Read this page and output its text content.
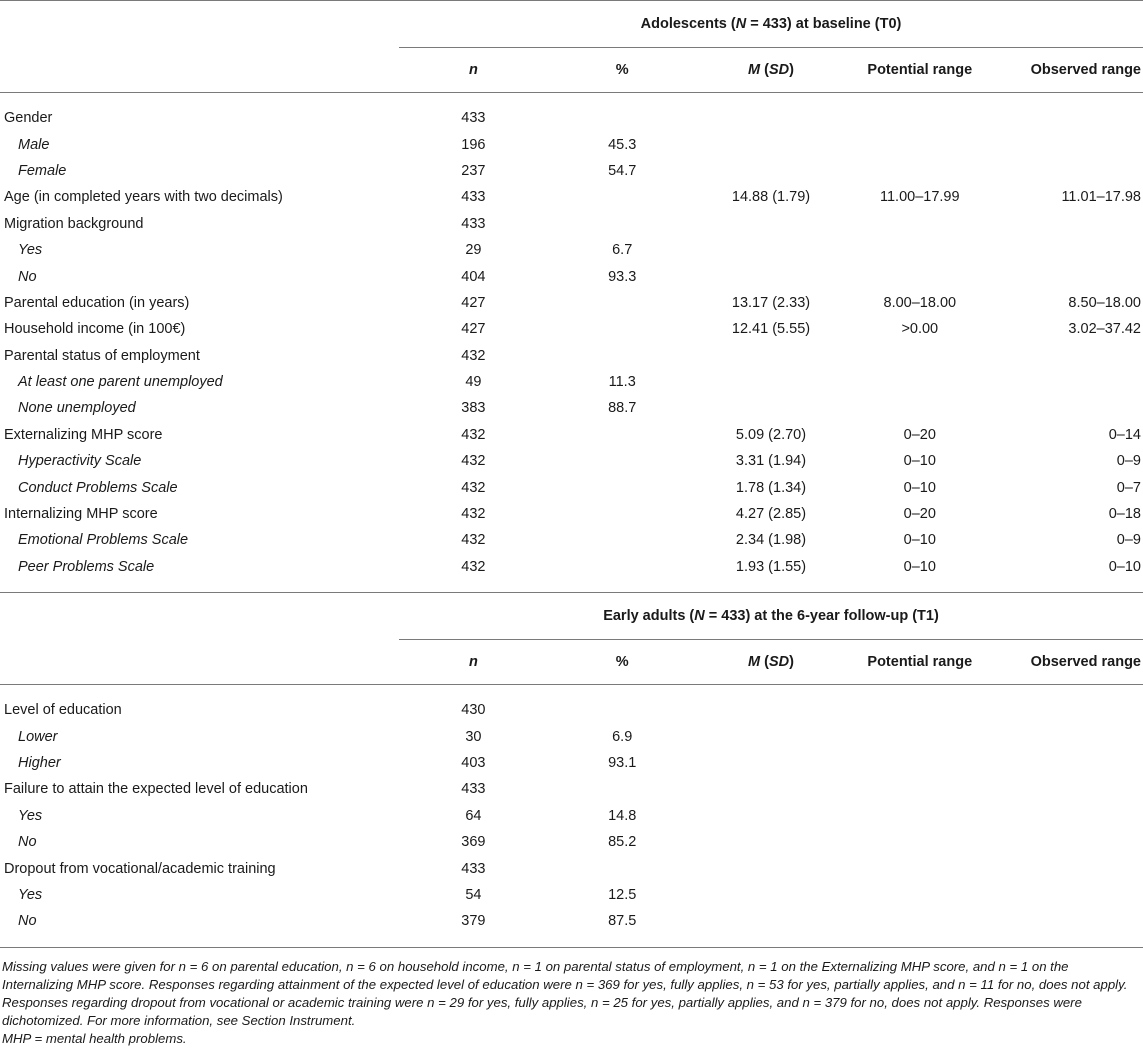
	Adolescents (N = 433) at baseline (T0)				
	n	%	M (SD)	Potential range	Observed range

Gender	433				
Male	196	45.3			
Female	237	54.7			
Age (in completed years with two decimals)	433		14.88 (1.79)	11.00–17.99	11.01–17.98
Migration background	433				
Yes	29	6.7			
No	404	93.3			
Parental education (in years)	427		13.17 (2.33)	8.00–18.00	8.50–18.00
Household income (in 100€)	427		12.41 (5.55)	>0.00	3.02–37.42
Parental status of employment	432				
At least one parent unemployed	49	11.3			
None unemployed	383	88.7			
Externalizing MHP score	432		5.09 (2.70)	0–20	0–14
Hyperactivity Scale	432		3.31 (1.94)	0–10	0–9
Conduct Problems Scale	432		1.78 (1.34)	0–10	0–7
Internalizing MHP score	432		4.27 (2.85)	0–20	0–18
Emotional Problems Scale	432		2.34 (1.98)	0–10	0–9
Peer Problems Scale	432		1.93 (1.55)	0–10	0–10

	Early adults (N = 433) at the 6-year follow-up (T1)				
	n	%	M (SD)	Potential range	Observed range

Level of education	430				
Lower	30	6.9			
Higher	403	93.1			
Failure to attain the expected level of education	433				
Yes	64	14.8			
No	369	85.2			
Dropout from vocational/academic training	433				
Yes	54	12.5			
No	379	87.5			

Missing values were given for n = 6 on parental education, n = 6 on household income, n = 1 on parental status of employment, n = 1 on the Externalizing MHP score, and n = 1 on the Internalizing MHP score. Responses regarding attainment of the expected level of education were n = 369 for yes, fully applies, n = 53 for yes, partially applies, and n = 11 for no, does not apply. Responses regarding dropout from vocational or academic training were n = 29 for yes, fully applies, n = 25 for yes, partially applies, and n = 379 for no, does not apply. Responses were dichotomized. For more information, see Section Instrument.
MHP = mental health problems.
